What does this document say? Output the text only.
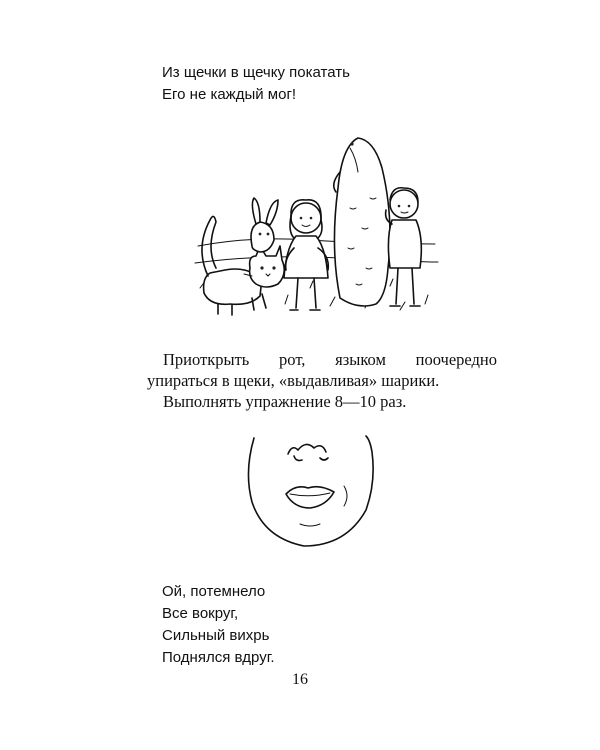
Из щечки в щечку покатать
Его не каждый мог!

Приоткрыть рот, языком поочередно

упираться в щеки, «выдавливая» шарики.

Выполнять упражнение 8—10 раз.

Ой, потемнело
Все вокруг,
Сильный вихрь
Поднялся вдруг.
16
